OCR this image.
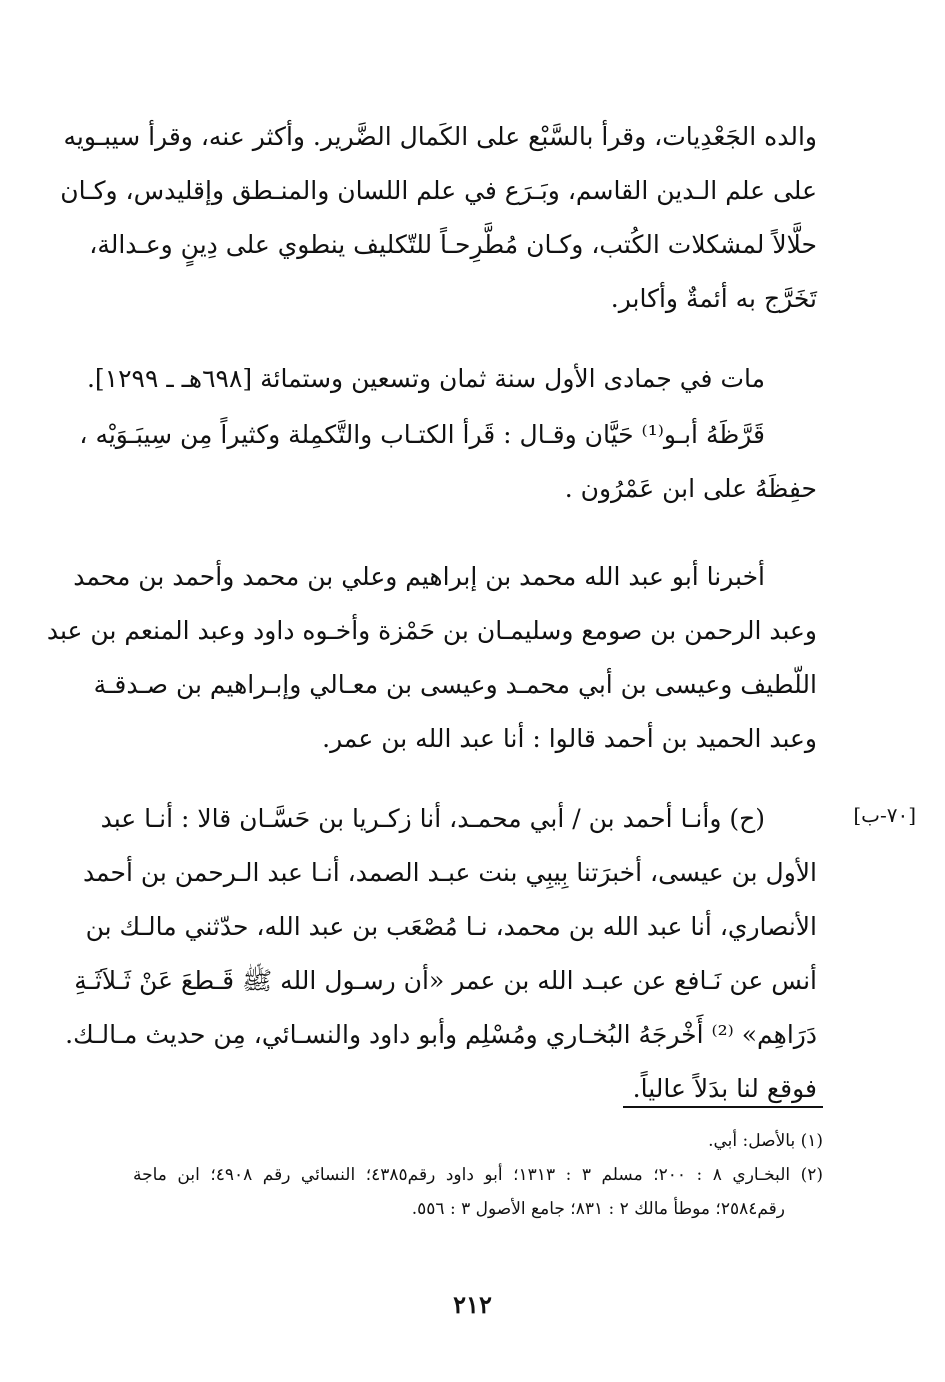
والده الجَعْدِيات، وقرأ بالسَّبْع على الكَمال الضَّرير. وأكثر عنه، وقرأ سيبـويه
على علم الـدين القاسم، وبَـرَع في علم اللسان والمنـطق وإقليدس، وكـان
حلَّالاً لمشكلات الكُتب، وكـان مُطَّرِحـاً للتّكليف ينطوي على دِينٍ وعـدالة،
تَخَرَّج به أئمةٌ وأكابر.
مات في جمادى الأول سنة ثمان وتسعين وستمائة [٦٩٨هـ ـ ١٢٩٩].
قَرَّظَهُ أبـو⁽¹⁾ حَيَّان وقـال : قَرأ الكتـاب والتَّكمِلة وكثيراً مِن سِيبَـوَيْه ،
حفِظَهُ على ابن عَمْرُون .
أخبرنا أبو عبد الله محمد بن إبراهيم وعلي بن محمد وأحمد بن محمد
وعبد الرحمن بن صومع وسليمـان بن حَمْزة وأخـوه داود وعبد المنعم بن عبد
اللّطيف وعيسى بن أبي محمـد وعيسى بن معـالي وإبـراهيم بن صـدقـة
وعبد الحميد بن أحمد قالوا : أنا عبد الله بن عمر.
[٧٠-ب]
(ح) وأنـا أحمد بن / أبي محمـد، أنا زكـريا بن حَسَّـان قالا : أنـا عبد
الأول بن عيسى، أخبرَتنا بِيبِي بنت عبـد الصمد، أنـا عبد الـرحمن بن أحمد
الأنصاري، أنا عبد الله بن محمد، نـا مُصْعَب بن عبد الله، حدّثني مالـك بن
أنس عن نَـافع عن عبـد الله بن عمر «أن رسـول الله ﷺ قَـطعَ عَنْ ثَـلاَثَـةِ
دَرَاهِم» ⁽²⁾ أَخْرجَهُ البُخـاري ومُسْلِم وأبو داود والنسـائي، مِن حديث مـالـك.
فوقع لنا بدَلاً عالياً.
(١) بالأصل: أبي.
(٢) البخـاري ٨ : ٢٠٠؛ مسلم ٣ : ١٣١٣؛ أبو داود رقم٤٣٨٥؛ النسائي رقم ٤٩٠٨؛ ابن ماجة
رقم٢٥٨٤؛ موطأ مالك ٢ : ٨٣١؛ جامع الأصول ٣ : ٥٥٦.
٢١٢
